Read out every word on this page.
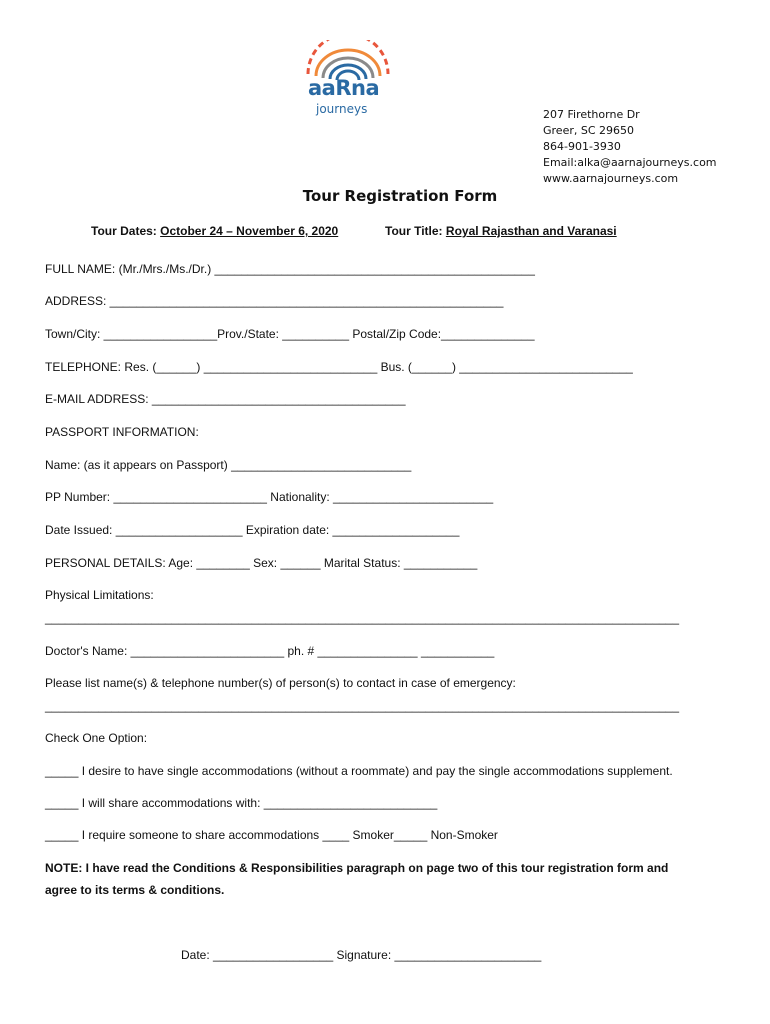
aaRna
journeys	207 Firethorne Dr
Greer, SC 29650
864-901-3930
Email:alka@aarnajourneys.com
www.aarnajourneys.com
Tour Registration Form
Tour Dates: October 24 – November 6, 2020	Tour Title: Royal Rajasthan and Varanasi
FULL NAME: (Mr./Mrs./Ms./Dr.) ________________________________________________
ADDRESS: ___________________________________________________________
Town/City: _________________Prov./State: __________ Postal/Zip Code:______________
TELEPHONE: Res. (______) __________________________ Bus. (______) __________________________
E-MAIL ADDRESS: ______________________________________
PASSPORT INFORMATION:
Name: (as it appears on Passport) ___________________________
PP Number: _______________________ Nationality: ________________________
Date Issued: ___________________ Expiration date: ___________________
PERSONAL DETAILS: Age: ________ Sex: ______ Marital Status: ___________
Physical Limitations:
_______________________________________________________________________________________________
Doctor's Name: _______________________ ph. # _______________ ___________
Please list name(s) & telephone number(s) of person(s) to contact in case of emergency:
_______________________________________________________________________________________________
Check One Option:
_____ I desire to have single accommodations (without a roommate) and pay the single accommodations supplement.
_____ I will share accommodations with: __________________________
_____ I require someone to share accommodations ____ Smoker_____ Non-Smoker
NOTE: I have read the Conditions & Responsibilities paragraph on page two of this tour registration form and
agree to its terms & conditions.
Date: __________________ Signature: ______________________
